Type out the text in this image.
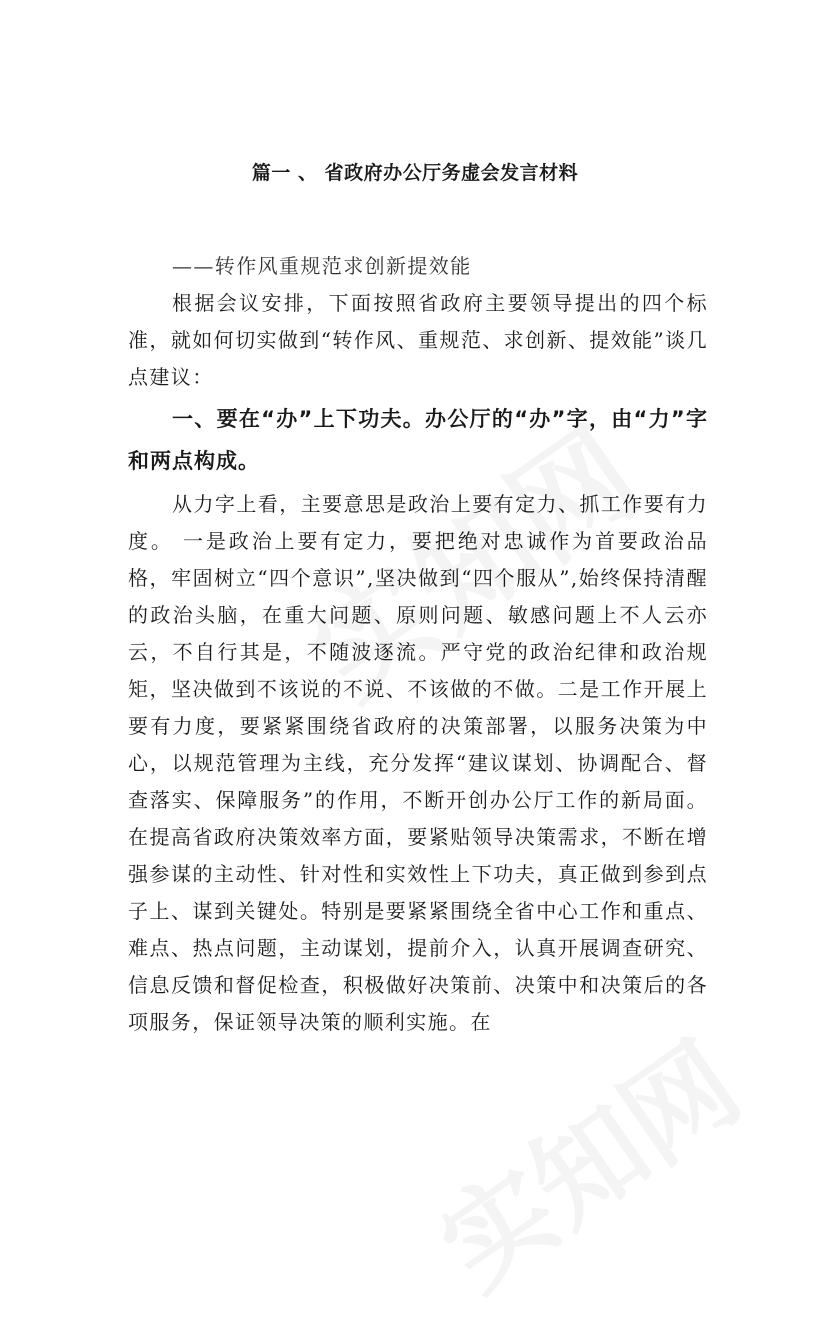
篇一 、 省政府办公厅务虚会发言材料

——转作风重规范求创新提效能

根据会议安排，下面按照省政府主要领导提出的四个标准，就如何切实做到“转作风、重规范、求创新、提效能”谈几点建议：

一、要在“办”上下功夫。办公厅的“办”字，由“力”字和两点构成。

从力字上看，主要意思是政治上要有定力、抓工作要有力度。 一是政治上要有定力，要把绝对忠诚作为首要政治品格，牢固树立“四个意识”,坚决做到“四个服从”,始终保持清醒的政治头脑，在重大问题、原则问题、敏感问题上不人云亦云，不自行其是，不随波逐流。严守党的政治纪律和政治规矩，坚决做到不该说的不说、不该做的不做。二是工作开展上要有力度，要紧紧围绕省政府的决策部署，以服务决策为中心，以规范管理为主线，充分发挥“建议谋划、协调配合、督查落实、保障服务”的作用，不断开创办公厅工作的新局面。在提高省政府决策效率方面，要紧贴领导决策需求，不断在增强参谋的主动性、针对性和实效性上下功夫，真正做到参到点子上、谋到关键处。特别是要紧紧围绕全省中心工作和重点、难点、热点问题，主动谋划，提前介入，认真开展调查研究、信息反馈和督促检查，积极做好决策前、决策中和决策后的各项服务，保证领导决策的顺利实施。在
